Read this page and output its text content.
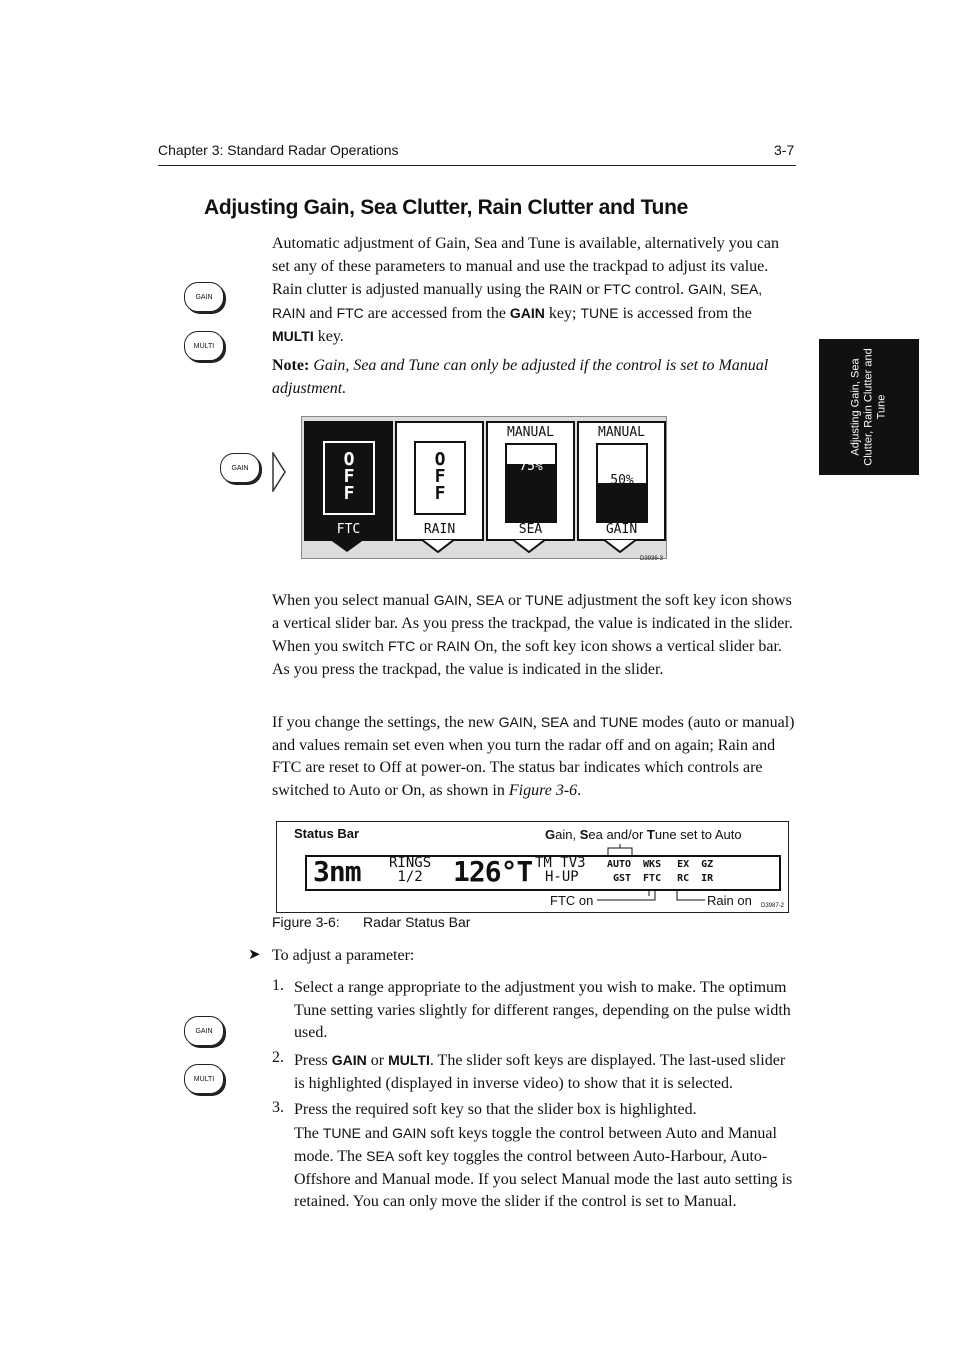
Chapter 3: Standard Radar Operations	3-7
Adjusting Gain, Sea Clutter, Rain Clutter and Tune
Adjusting Gain, Sea Clutter, Rain Clutter and Tune
GAIN
MULTI

Automatic adjustment of Gain, Sea and Tune is available, alternatively you can set any of these parameters to manual and use the trackpad to adjust its value. Rain clutter is adjusted manually using the RAIN or FTC control. GAIN, SEA, RAIN and FTC are accessed from the GAIN key; TUNE is accessed from the MULTI key.

Note: Gain, Sea and Tune can only be adjusted if the control is set to Manual adjustment.

GAIN	OFF
FTC
OFF
RAIN
MANUAL
75%
SEA
MANUAL
50%
GAIN
D3936-3

When you select manual GAIN, SEA or TUNE adjustment the soft key icon shows a vertical slider bar. As you press the trackpad, the value is indicated in the slider.
When you switch FTC or RAIN On, the soft key icon shows a vertical slider bar. As you press the trackpad, the value is indicated in the slider.

If you change the settings, the new GAIN, SEA and TUNE modes (auto or manual) and values remain set even when you turn the radar off and on again; Rain and FTC are reset to Off at power-on. The status bar indicates which controls are switched to Auto or On, as shown in Figure 3-6.

Status Bar	Gain, Sea and/or Tune set to Auto
3nm RINGS
1/2	126°T TM TV3
H-UP
AUTO WKS EX GZ
GST FTC RC IR
FTC on	Rain on D3987-2
Figure 3-6: Radar Status Bar
➤ To adjust a parameter:

1. Select a range appropriate to the adjustment you wish to make. The optimum Tune setting varies slightly for different ranges, depending on the pulse width used.

GAIN
MULTI
2. Press GAIN or MULTI. The slider soft keys are displayed. The last-used slider is highlighted (displayed in inverse video) to show that it is selected.

3. Press the required soft key so that the slider box is highlighted.
The TUNE and GAIN soft keys toggle the control between Auto and Manual mode. The SEA soft key toggles the control between Auto-Harbour, Auto-Offshore and Manual mode. If you select Manual mode the last auto setting is retained. You can only move the slider if the control is set to Manual.
